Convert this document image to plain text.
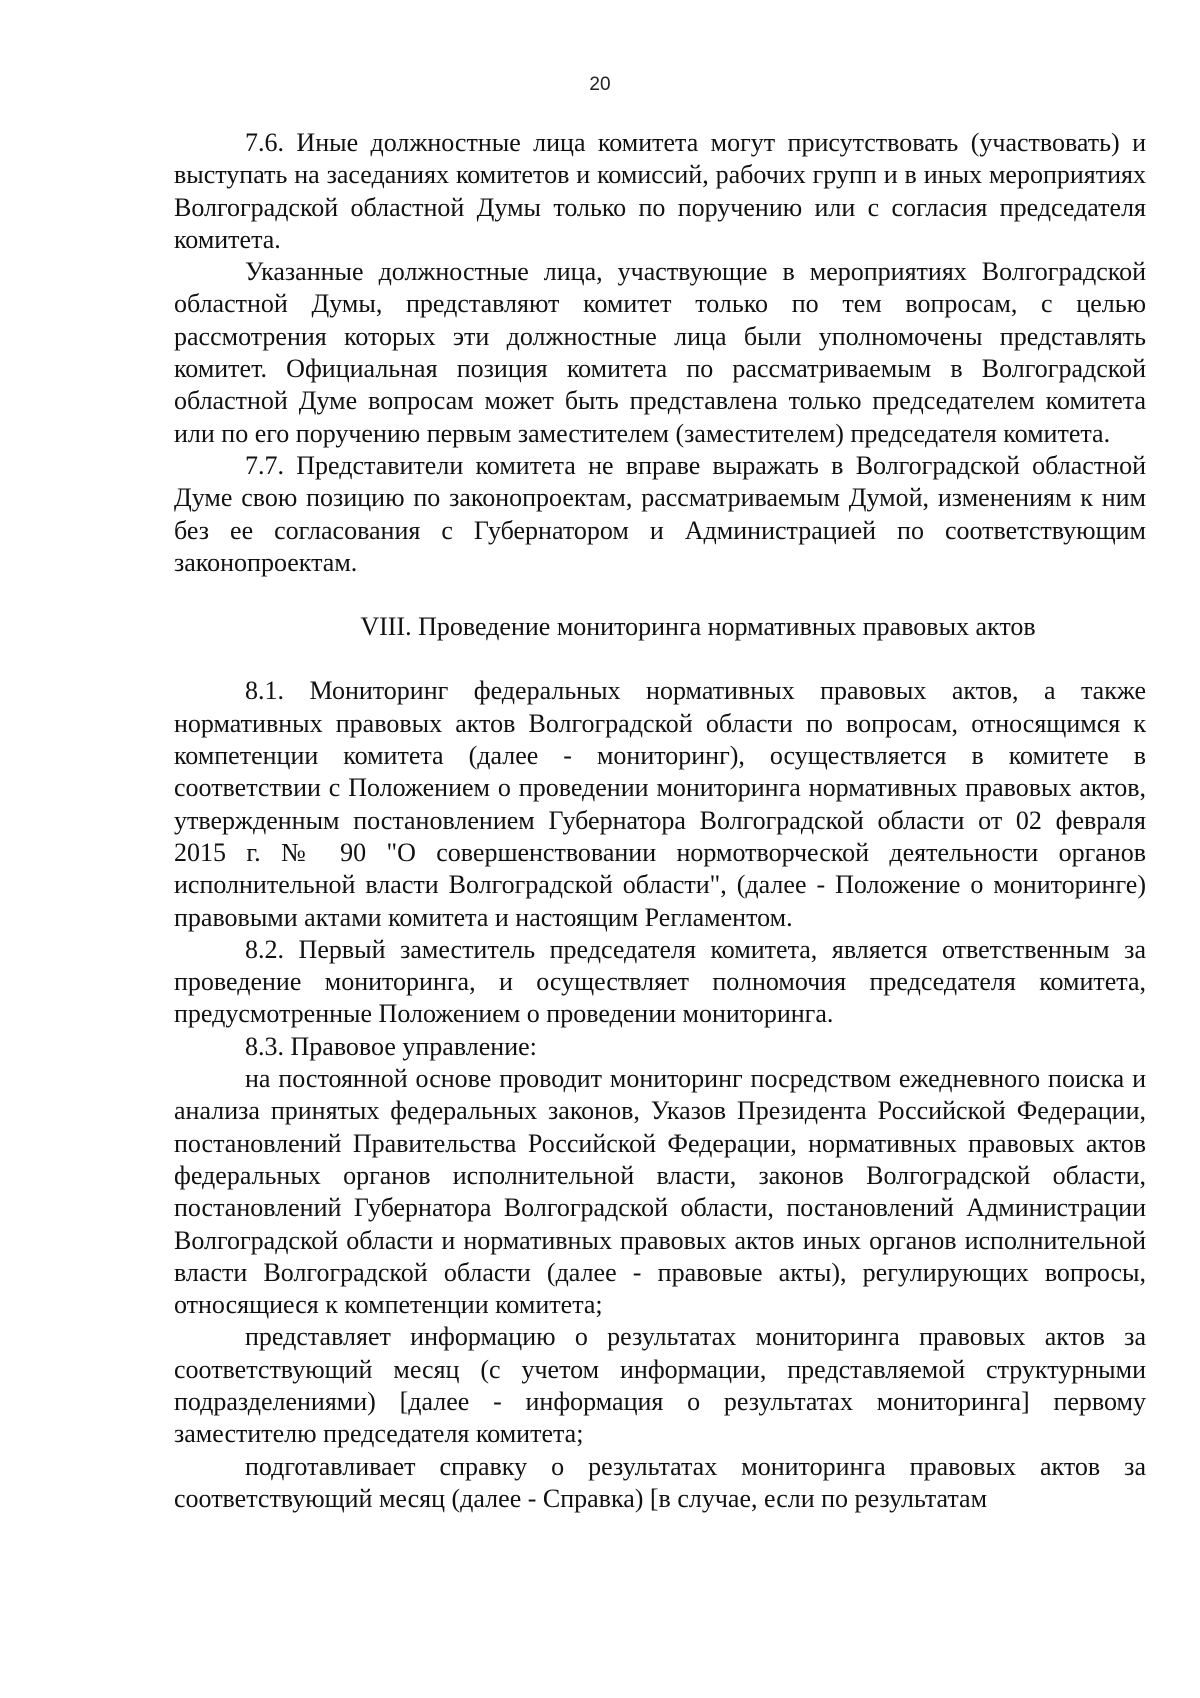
20

7.6. Иные должностные лица комитета могут присутствовать (участвовать) и выступать на заседаниях комитетов и комиссий, рабочих групп и в иных мероприятиях Волгоградской областной Думы только по поручению или с согласия председателя комитета.

Указанные должностные лица, участвующие в мероприятиях Волгоградской областной Думы, представляют комитет только по тем вопросам, с целью рассмотрения которых эти должностные лица были уполномочены представлять комитет. Официальная позиция комитета по рассматриваемым в Волгоградской областной Думе вопросам может быть представлена только председателем комитета или по его поручению первым заместителем (заместителем) председателя комитета.

7.7. Представители комитета не вправе выражать в Волгоградской областной Думе свою позицию по законопроектам, рассматриваемым Думой, изменениям к ним без ее согласования с Губернатором и Администрацией по соответствующим законопроектам.

VIII. Проведение мониторинга нормативных правовых актов

8.1. Мониторинг федеральных нормативных правовых актов, а также нормативных правовых актов Волгоградской области по вопросам, относящимся к компетенции комитета (далее - мониторинг), осуществляется в комитете в соответствии с Положением о проведении мониторинга нормативных правовых актов, утвержденным постановлением Губернатора Волгоградской области от 02 февраля 2015 г. № 90 "О совершенствовании нормотворческой деятельности органов исполнительной власти Волгоградской области", (далее - Положение о мониторинге) правовыми актами комитета и настоящим Регламентом.

8.2. Первый заместитель председателя комитета, является ответственным за проведение мониторинга, и осуществляет полномочия председателя комитета, предусмотренные Положением о проведении мониторинга.

8.3. Правовое управление:

на постоянной основе проводит мониторинг посредством ежедневного поиска и анализа принятых федеральных законов, Указов Президента Российской Федерации, постановлений Правительства Российской Федерации, нормативных правовых актов федеральных органов исполнительной власти, законов Волгоградской области, постановлений Губернатора Волгоградской области, постановлений Администрации Волгоградской области и нормативных правовых актов иных органов исполнительной власти Волгоградской области (далее - правовые акты), регулирующих вопросы, относящиеся к компетенции комитета;

представляет информацию о результатах мониторинга правовых актов за соответствующий месяц (с учетом информации, представляемой структурными подразделениями) [далее - информация о результатах мониторинга] первому заместителю председателя комитета;

подготавливает справку о результатах мониторинга правовых актов за соответствующий месяц (далее - Справка) [в случае, если по результатам
